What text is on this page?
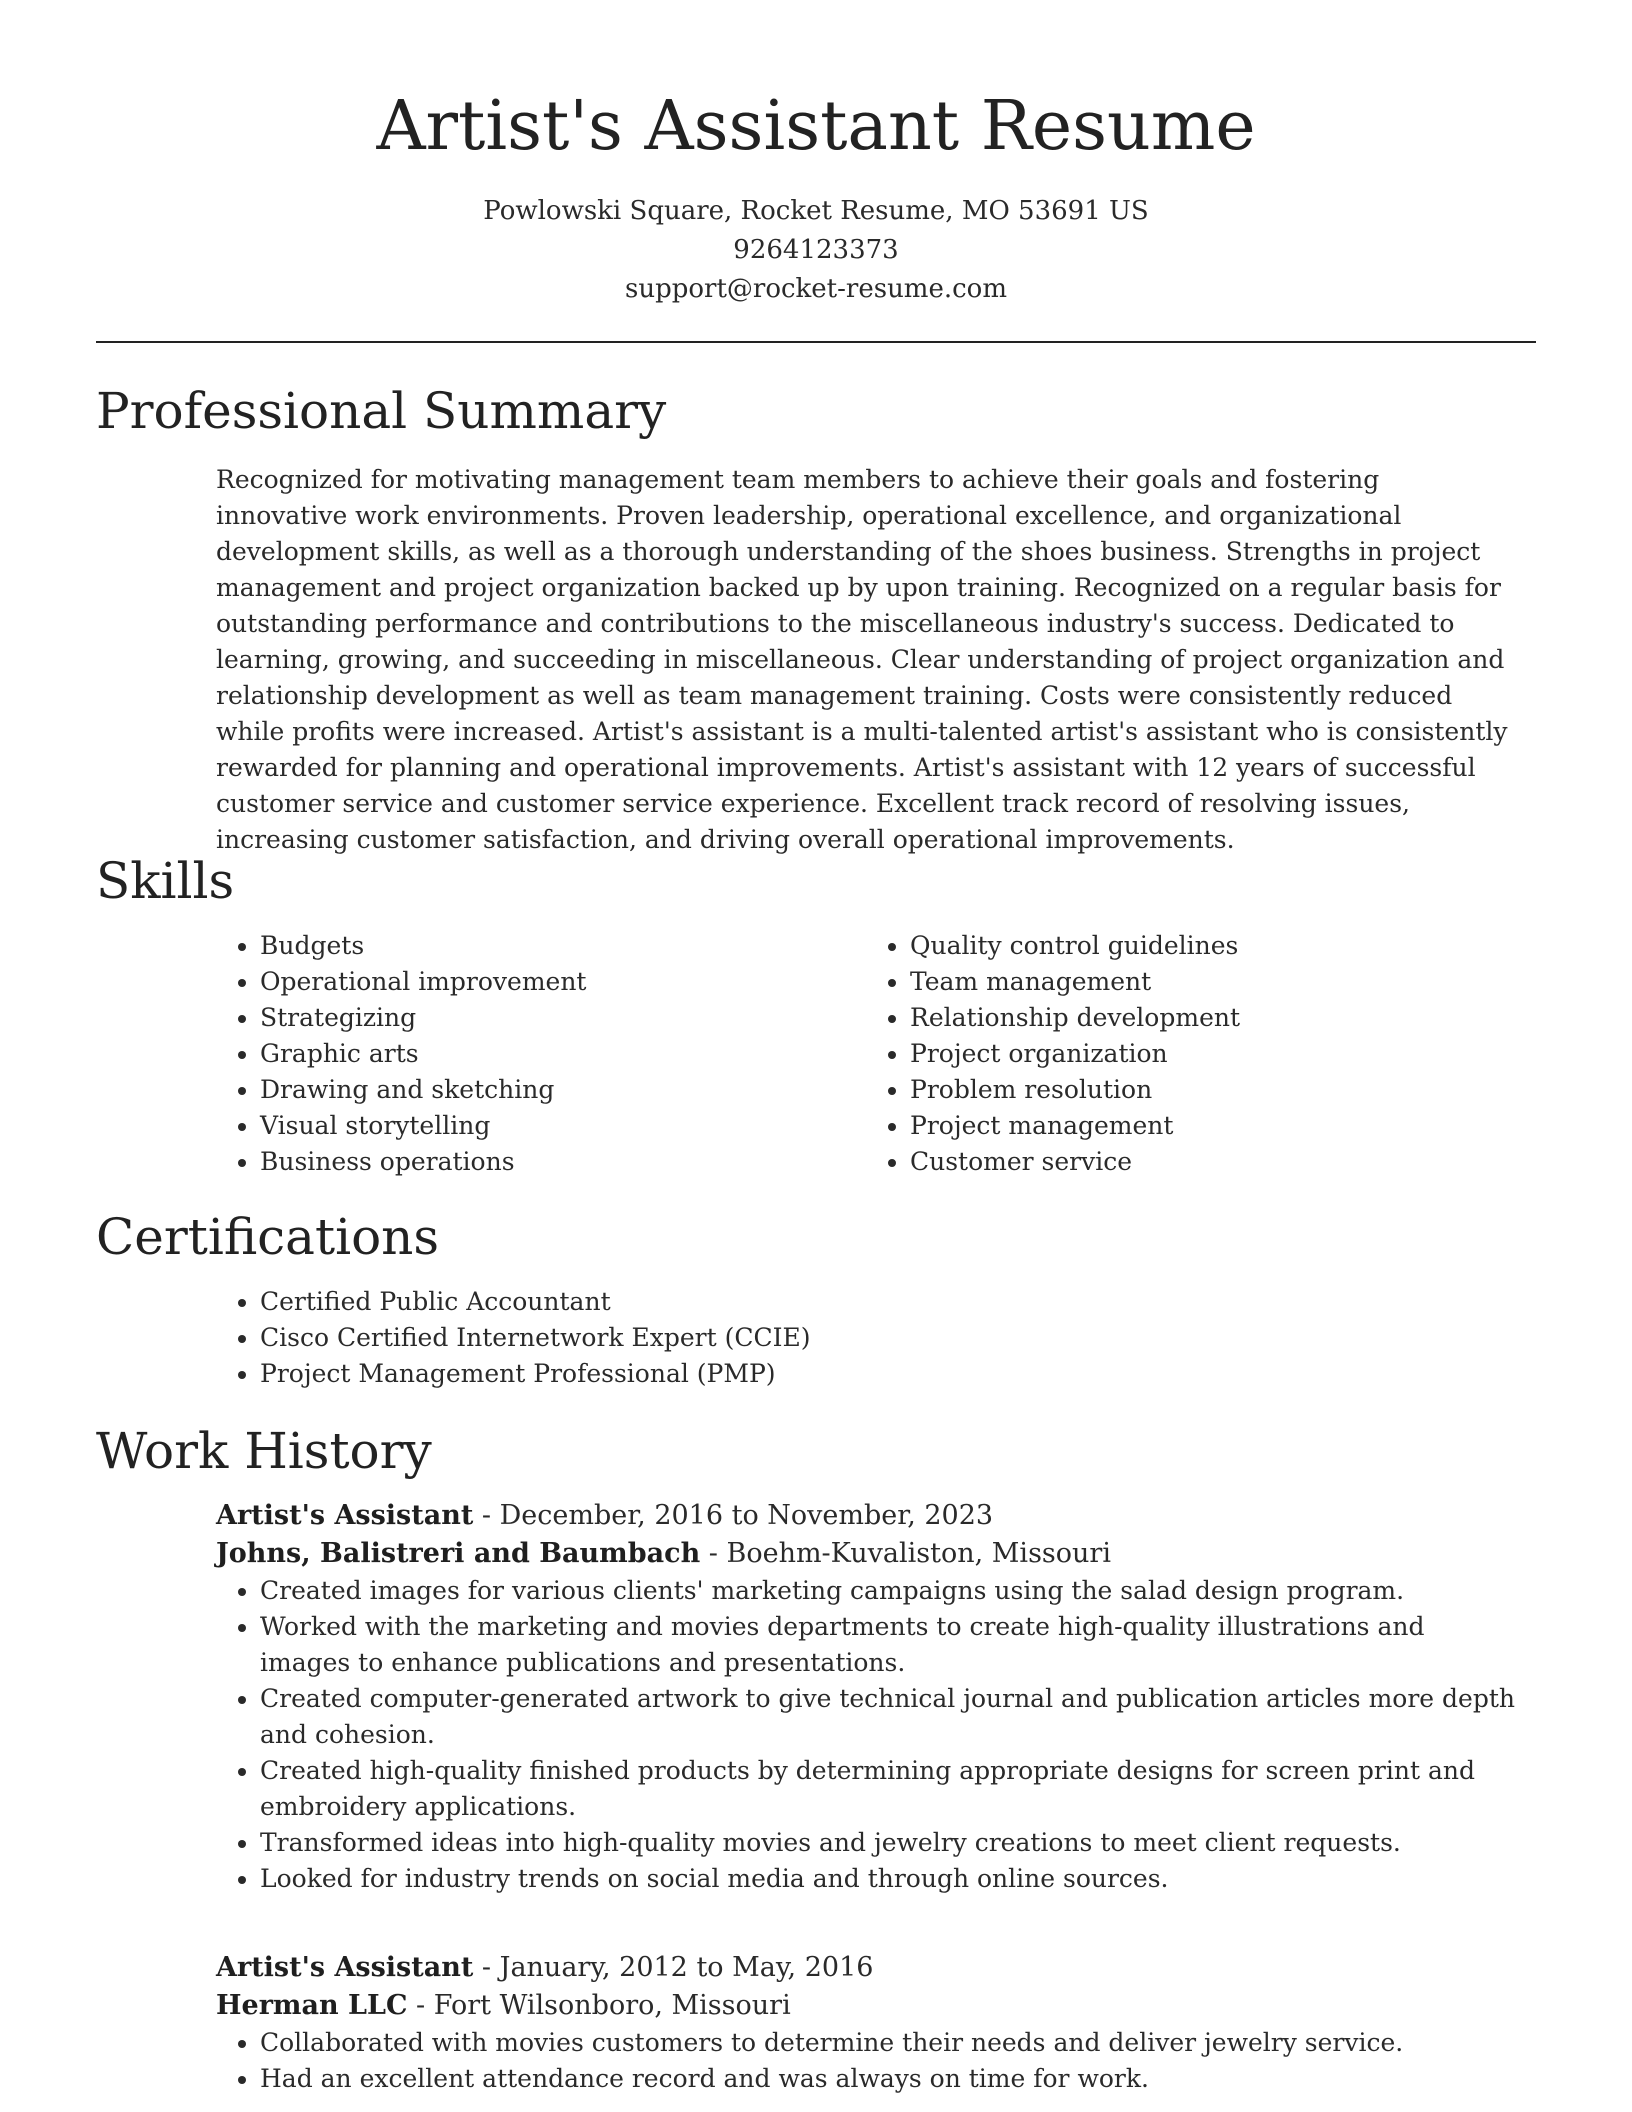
Artist's Assistant Resume
Powlowski Square, Rocket Resume, MO 53691 US
9264123373
support@rocket-resume.com
Professional Summary

Recognized for motivating management team members to achieve their goals and fostering innovative work environments. Proven leadership, operational excellence, and organizational development skills, as well as a thorough understanding of the shoes business. Strengths in project management and project organization backed up by upon training. Recognized on a regular basis for outstanding performance and contributions to the miscellaneous industry's success. Dedicated to learning, growing, and succeeding in miscellaneous. Clear understanding of project organization and relationship development as well as team management training. Costs were consistently reduced while profits were increased. Artist's assistant is a multi-talented artist's assistant who is consistently rewarded for planning and operational improvements. Artist's assistant with 12 years of successful customer service and customer service experience. Excellent track record of resolving issues, increasing customer satisfaction, and driving overall operational improvements.

Skills
• Budgets
• Operational improvement
• Strategizing
• Graphic arts
• Drawing and sketching
• Visual storytelling
• Business operations
• Quality control guidelines
• Team management
• Relationship development
• Project organization
• Problem resolution
• Project management
• Customer service
Certifications
• Certified Public Accountant
• Cisco Certified Internetwork Expert (CCIE)
• Project Management Professional (PMP)
Work History
Artist's Assistant - December, 2016 to November, 2023
Johns, Balistreri and Baumbach - Boehm-Kuvaliston, Missouri
• Created images for various clients' marketing campaigns using the salad design program.
• Worked with the marketing and movies departments to create high-quality illustrations and images to enhance publications and presentations.
• Created computer-generated artwork to give technical journal and publication articles more depth and cohesion.
• Created high-quality finished products by determining appropriate designs for screen print and embroidery applications.
• Transformed ideas into high-quality movies and jewelry creations to meet client requests.
• Looked for industry trends on social media and through online sources.
Artist's Assistant - January, 2012 to May, 2016
Herman LLC - Fort Wilsonboro, Missouri
• Collaborated with movies customers to determine their needs and deliver jewelry service.
• Had an excellent attendance record and was always on time for work.
